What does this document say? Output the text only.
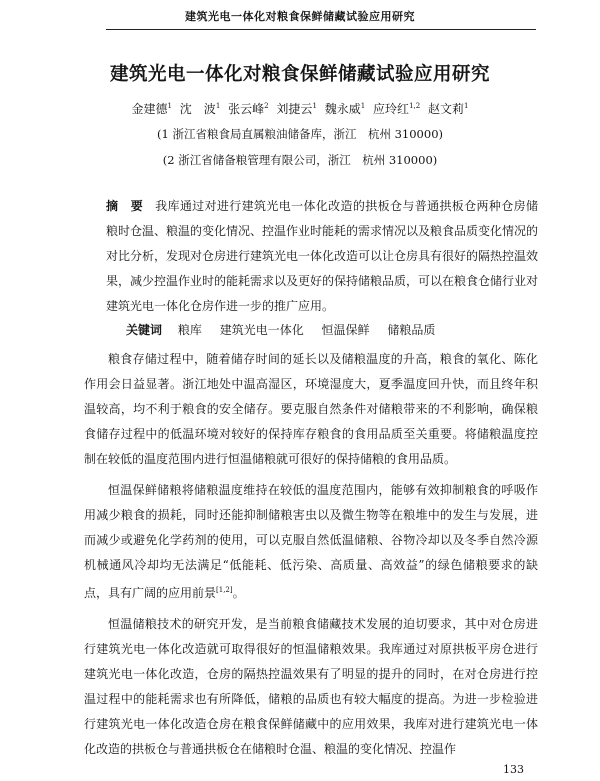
建筑光电一体化对粮食保鲜储藏试验应用研究
建筑光电一体化对粮食保鲜储藏试验应用研究
金建德$^1$ 沈　波$^1$ 张云峰$^2$ 刘捷云$^1$ 魏永威$^1$ 应玲红$^{1,2}$ 赵文莉$^1$
(1 浙江省粮食局直属粮油储备库，浙江　杭州 310000)
(2 浙江省储备粮管理有限公司，浙江　杭州 310000)
摘　要 我库通过对进行建筑光电一体化改造的拱板仓与普通拱板仓两种仓房储粮时仓温、粮温的变化情况、控温作业时能耗的需求情况以及粮食品质变化情况的对比分析，发现对仓房进行建筑光电一体化改造可以让仓房具有很好的隔热控温效果，减少控温作业时的能耗需求以及更好的保持储粮品质，可以在粮食仓储行业对建筑光电一体化仓房作进一步的推广应用。
关键词 粮库 建筑光电一体化 恒温保鲜 储粮品质

粮食存储过程中，随着储存时间的延长以及储粮温度的升高，粮食的氧化、陈化作用会日益显著。浙江地处中温高湿区，环境湿度大，夏季温度回升快，而且终年积温较高，均不利于粮食的安全储存。要克服自然条件对储粮带来的不利影响，确保粮食储存过程中的低温环境对较好的保持库存粮食的食用品质至关重要。将储粮温度控制在较低的温度范围内进行恒温储粮就可很好的保持储粮的食用品质。

恒温保鲜储粮将储粮温度维持在较低的温度范围内，能够有效抑制粮食的呼吸作用减少粮食的损耗，同时还能抑制储粮害虫以及微生物等在粮堆中的发生与发展，进而减少或避免化学药剂的使用，可以克服自然低温储粮、谷物冷却以及冬季自然冷源机械通风冷却均无法满足“低能耗、低污染、高质量、高效益”的绿色储粮要求的缺点，具有广阔的应用前景[1,2]。

恒温储粮技术的研究开发，是当前粮食储藏技术发展的迫切要求，其中对仓房进行建筑光电一体化改造就可取得很好的恒温储粮效果。我库通过对原拱板平房仓进行建筑光电一体化改造，仓房的隔热控温效果有了明显的提升的同时，在对仓房进行控温过程中的能耗需求也有所降低，储粮的品质也有较大幅度的提高。为进一步检验进行建筑光电一体化改造仓房在粮食保鲜储藏中的应用效果，我库对进行建筑光电一体化改造的拱板仓与普通拱板仓在储粮时仓温、粮温的变化情况、控温作

133
